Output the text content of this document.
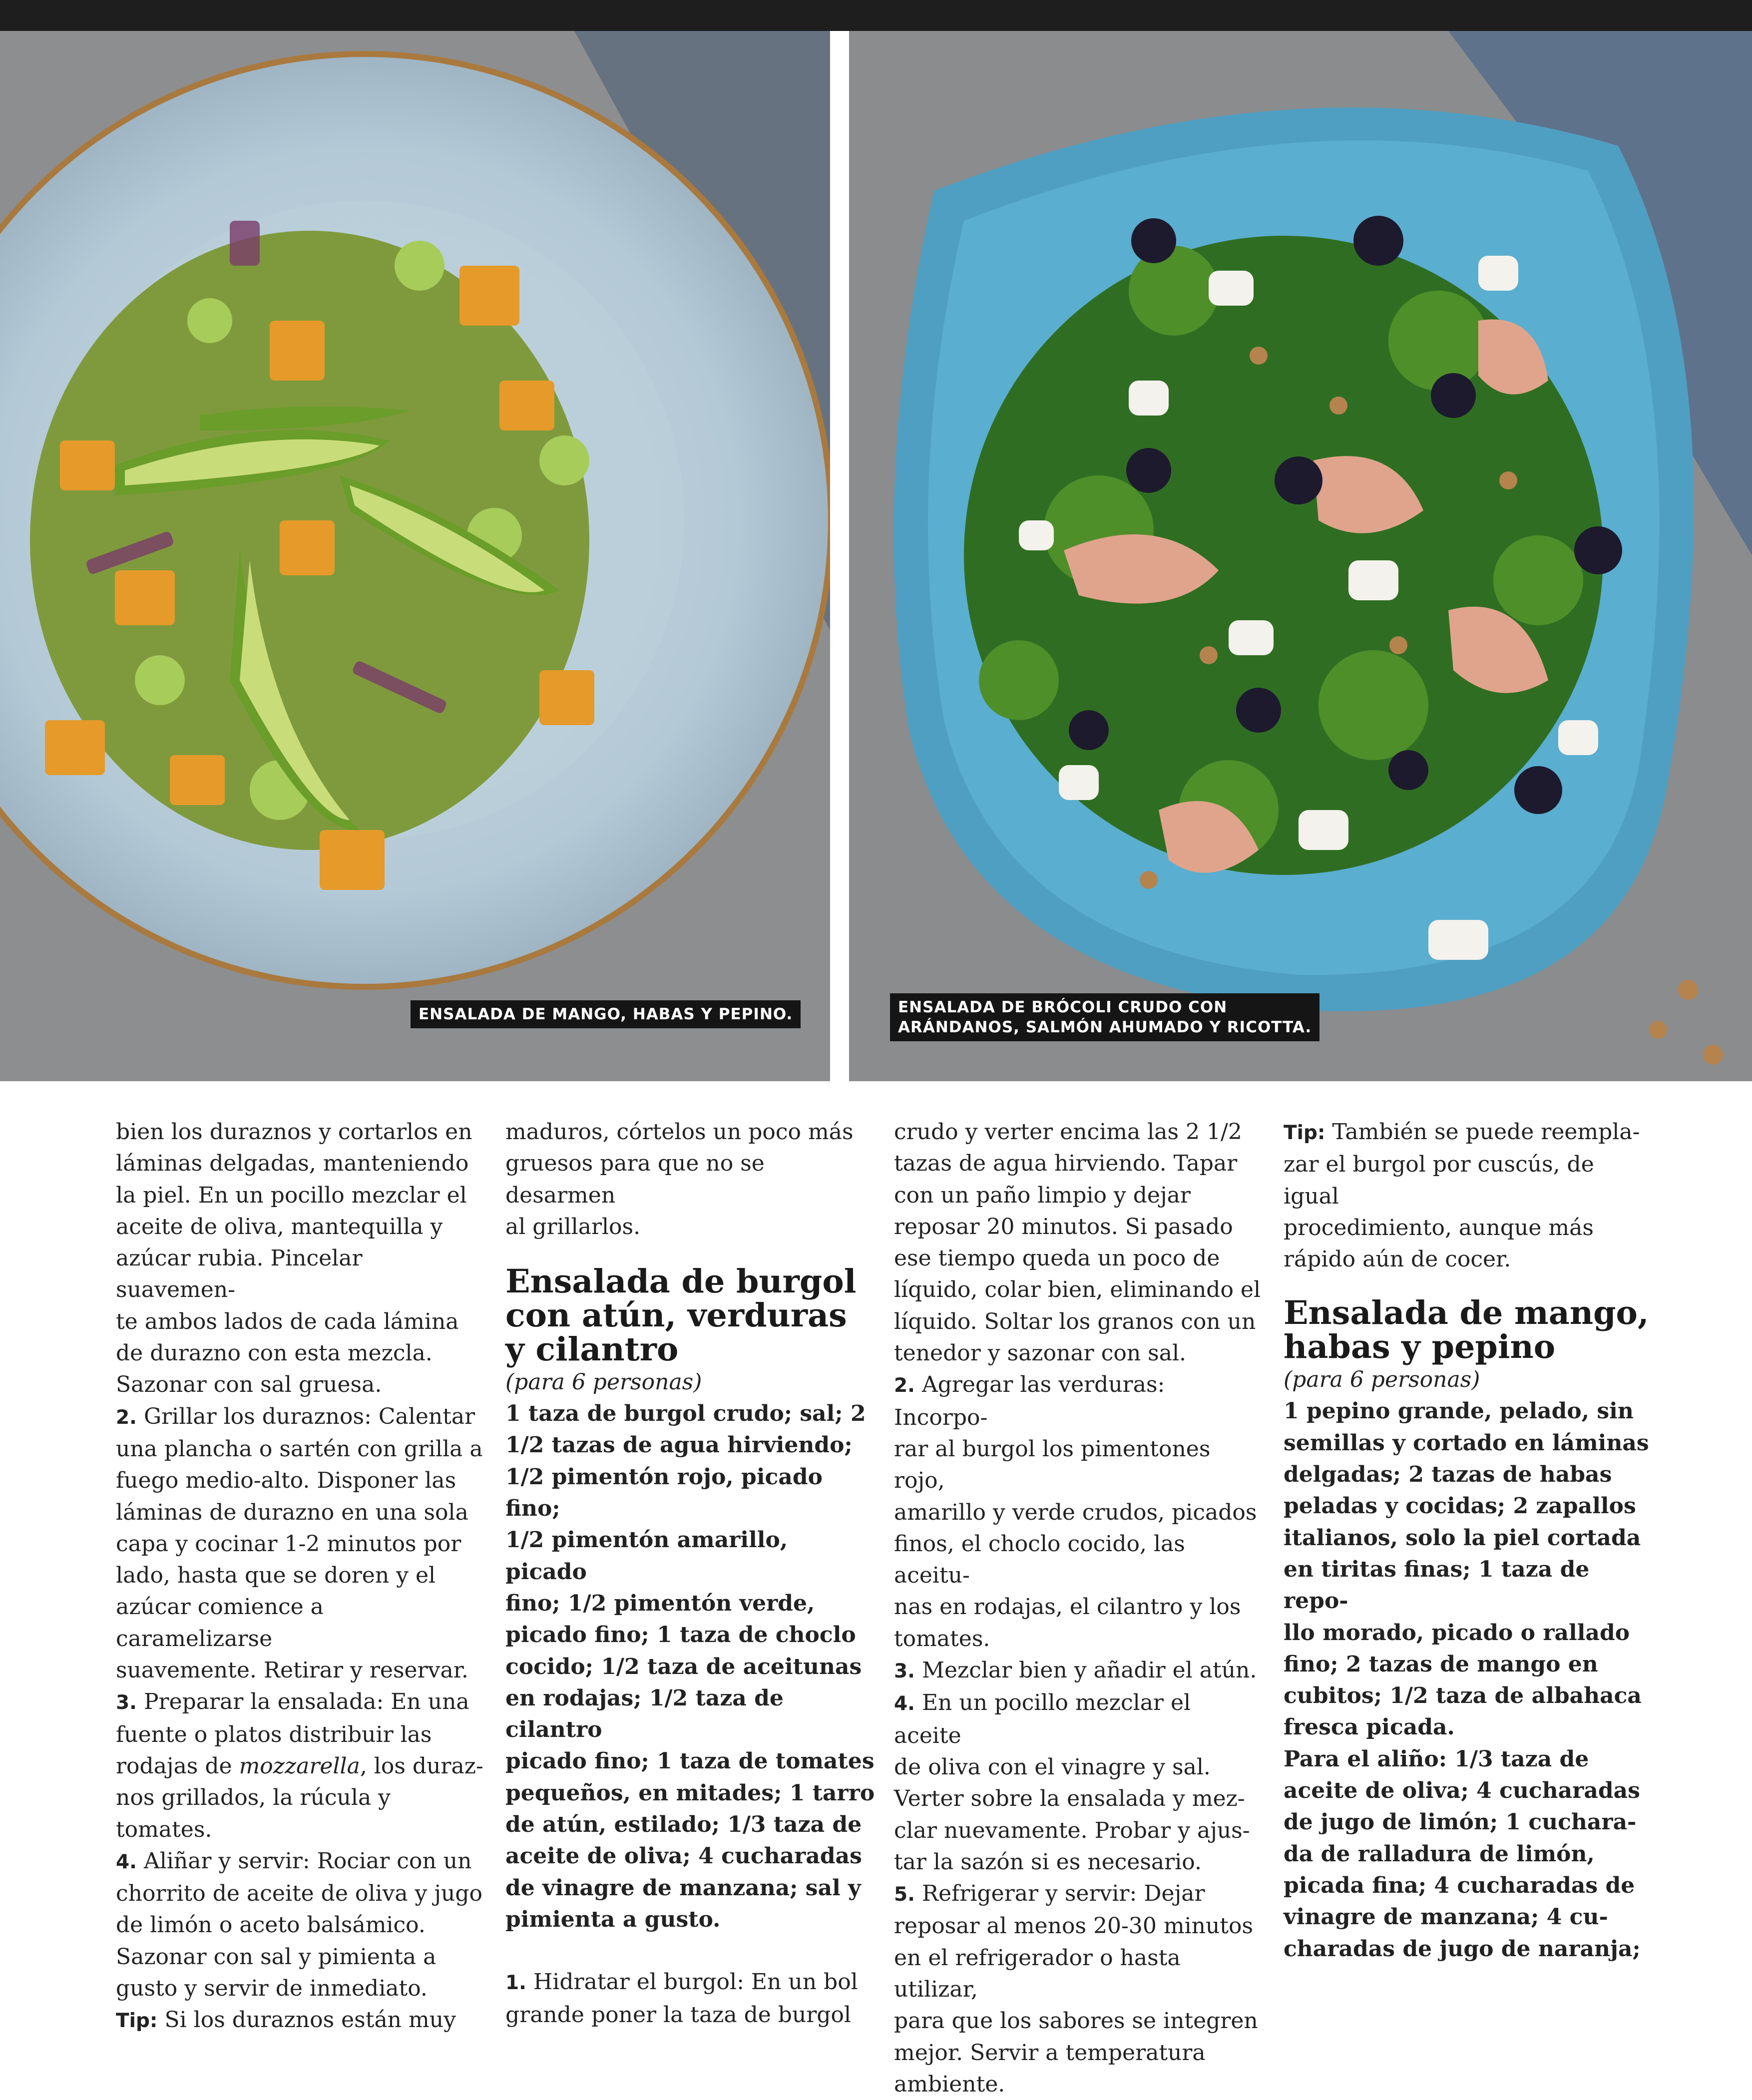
ENSALADA DE MANGO, HABAS Y PEPINO.	ENSALADA DE BRÓCOLI CRUDO CON
ARÁNDANOS, SALMÓN AHUMADO Y RICOTTA.

bien los duraznos y cortarlos en
láminas delgadas, manteniendo
la piel. En un pocillo mezclar el
aceite de oliva, mantequilla y
azúcar rubia. Pincelar suavemen-
te ambos lados de cada lámina
de durazno con esta mezcla.
Sazonar con sal gruesa.

2. Grillar los duraznos: Calentar
una plancha o sartén con grilla a
fuego medio-alto. Disponer las
láminas de durazno en una sola
capa y cocinar 1-2 minutos por
lado, hasta que se doren y el
azúcar comience a caramelizarse
suavemente. Retirar y reservar.

3. Preparar la ensalada: En una
fuente o platos distribuir las
rodajas de mozzarella, los duraz-
nos grillados, la rúcula y tomates.

4. Aliñar y servir: Rociar con un
chorrito de aceite de oliva y jugo
de limón o aceto balsámico.
Sazonar con sal y pimienta a
gusto y servir de inmediato.

Tip: Si los duraznos están muy

maduros, córtelos un poco más
gruesos para que no se desarmen
al grillarlos.

Ensalada de burgol
con atún, verduras
y cilantro

(para 6 personas)

1 taza de burgol crudo; sal; 2
1/2 tazas de agua hirviendo;
1/2 pimentón rojo, picado fino;
1/2 pimentón amarillo, picado
fino; 1/2 pimentón verde,
picado fino; 1 taza de choclo
cocido; 1/2 taza de aceitunas
en rodajas; 1/2 taza de cilantro
picado fino; 1 taza de tomates
pequeños, en mitades; 1 tarro
de atún, estilado; 1/3 taza de
aceite de oliva; 4 cucharadas
de vinagre de manzana; sal y
pimienta a gusto.

1. Hidratar el burgol: En un bol
grande poner la taza de burgol

crudo y verter encima las 2 1/2
tazas de agua hirviendo. Tapar
con un paño limpio y dejar
reposar 20 minutos. Si pasado
ese tiempo queda un poco de
líquido, colar bien, eliminando el
líquido. Soltar los granos con un
tenedor y sazonar con sal.

2. Agregar las verduras: Incorpo-
rar al burgol los pimentones rojo,
amarillo y verde crudos, picados
finos, el choclo cocido, las aceitu-
nas en rodajas, el cilantro y los
tomates.

3. Mezclar bien y añadir el atún.

4. En un pocillo mezclar el aceite
de oliva con el vinagre y sal.
Verter sobre la ensalada y mez-
clar nuevamente. Probar y ajus-
tar la sazón si es necesario.

5. Refrigerar y servir: Dejar
reposar al menos 20-30 minutos
en el refrigerador o hasta utilizar,
para que los sabores se integren
mejor. Servir a temperatura
ambiente.

Tip: También se puede reempla-
zar el burgol por cuscús, de igual
procedimiento, aunque más
rápido aún de cocer.

Ensalada de mango,
habas y pepino

(para 6 personas)

1 pepino grande, pelado, sin
semillas y cortado en láminas
delgadas; 2 tazas de habas
peladas y cocidas; 2 zapallos
italianos, solo la piel cortada
en tiritas finas; 1 taza de repo-
llo morado, picado o rallado
fino; 2 tazas de mango en
cubitos; 1/2 taza de albahaca
fresca picada.
Para el aliño: 1/3 taza de
aceite de oliva; 4 cucharadas
de jugo de limón; 1 cuchara-
da de ralladura de limón,
picada fina; 4 cucharadas de
vinagre de manzana; 4 cu-
charadas de jugo de naranja;
